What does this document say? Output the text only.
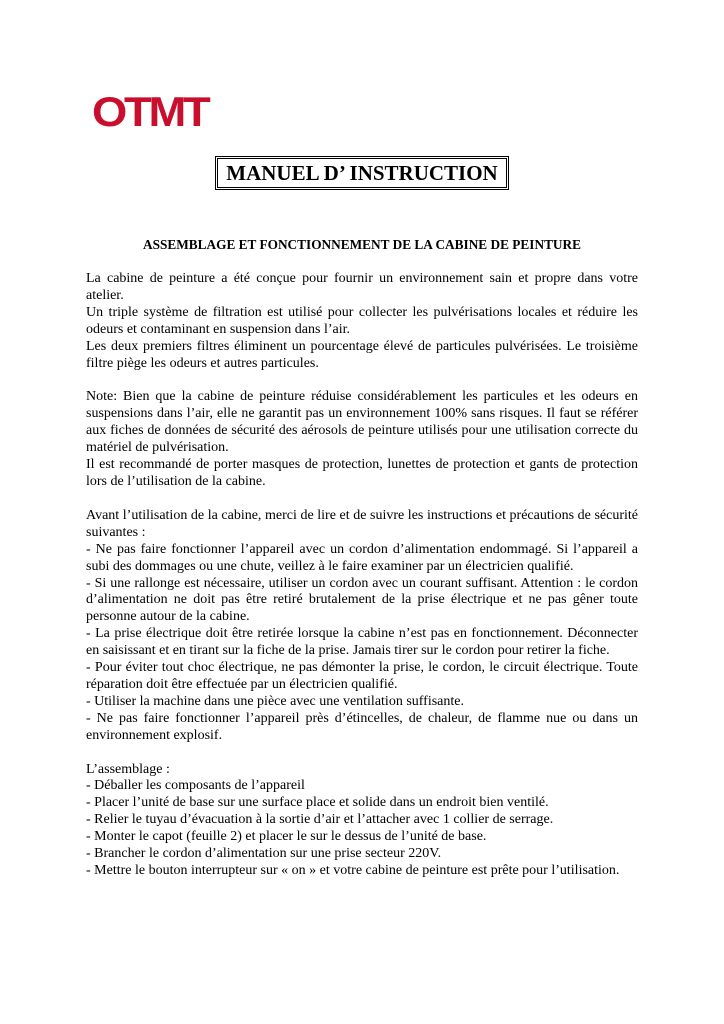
OTMT
MANUEL D’ INSTRUCTION
ASSEMBLAGE ET FONCTIONNEMENT DE LA CABINE DE PEINTURE

La cabine de peinture a été conçue pour fournir un environnement sain et propre dans votre atelier.

Un triple système de filtration est utilisé pour collecter les pulvérisations locales et réduire les odeurs et contaminant en suspension dans l’air.

Les deux premiers filtres éliminent un pourcentage élevé de particules pulvérisées. Le troisième filtre piège les odeurs et autres particules.

Note: Bien que la cabine de peinture réduise considérablement les particules et les odeurs en suspensions dans l’air, elle ne garantit pas un environnement 100% sans risques. Il faut se référer aux fiches de données de sécurité des aérosols de peinture utilisés pour une utilisation correcte du matériel de pulvérisation.

Il est recommandé de porter masques de protection, lunettes de protection et gants de protection lors de l’utilisation de la cabine.

Avant l’utilisation de la cabine, merci de lire et de suivre les instructions et précautions de sécurité suivantes :

- Ne pas faire fonctionner l’appareil avec un cordon d’alimentation endommagé. Si l’appareil a subi des dommages ou une chute, veillez à le faire examiner par un électricien qualifié.

- Si une rallonge est nécessaire, utiliser un cordon avec un courant suffisant. Attention : le cordon d’alimentation ne doit pas être retiré brutalement de la prise électrique et ne pas gêner toute personne autour de la cabine.

- La prise électrique doit être retirée lorsque la cabine n’est pas en fonctionnement. Déconnecter en saisissant et en tirant sur la fiche de la prise. Jamais tirer sur le cordon pour retirer la fiche.

- Pour éviter tout choc électrique, ne pas démonter la prise, le cordon, le circuit électrique. Toute réparation doit être effectuée par un électricien qualifié.

- Utiliser la machine dans une pièce avec une ventilation suffisante.

- Ne pas faire fonctionner l’appareil près d’étincelles, de chaleur, de flamme nue ou dans un environnement explosif.

L’assemblage :

- Déballer les composants de l’appareil

- Placer l’unité de base sur une surface place et solide dans un endroit bien ventilé.

- Relier le tuyau d’évacuation à la sortie d’air et l’attacher avec 1 collier de serrage.

- Monter le capot (feuille 2) et placer le sur le dessus de l’unité de base.

- Brancher le cordon d’alimentation sur une prise secteur 220V.

- Mettre le bouton interrupteur sur « on » et votre cabine de peinture est prête pour l’utilisation.
